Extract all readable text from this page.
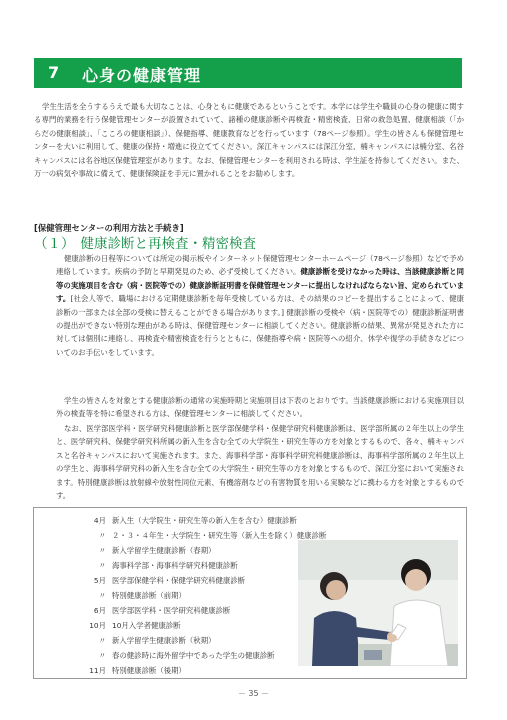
7 心身の健康管理
学生生活を全うするうえで最も大切なことは、心身ともに健康であるということです。本学には学生や職員の心身の健康に関する専門的業務を行う保健管理センターが設置されていて、諸種の健康診断や再検査・精密検査、日常の救急処置、健康相談（「からだの健康相談」、「こころの健康相談」）、保健指導、健康教育などを行っています（78ページ参照）。学生の皆さんも保健管理センターを大いに利用して、健康の保持・増進に役立ててください。深江キャンパスには深江分室、楠キャンパスには楠分室、名谷キャンパスには名谷地区保健管理室があります。なお、保健管理センターを利用される時は、学生証を持参してください。また、万一の病気や事故に備えて、健康保険証を手元に置かれることをお勧めします。
[保健管理センターの利用方法と手続き]
（１） 健康診断と再検査・精密検査
健康診断の日程等については所定の掲示板やインターネット保健管理センターホームページ（78ページ参照）などで予め連絡しています。疾病の予防と早期発見のため、必ず受検してください。健康診断を受けなかった時は、当該健康診断と同等の実施項目を含む（病・医院等での）健康診断証明書を保健管理センターに提出しなければならない旨、定められています。[社会人等で、職場における定期健康診断を毎年受検している方は、その結果のコピーを提出することによって、健康診断の一部または全部の受検に替えることができる場合があります。] 健康診断の受検や（病・医院等での）健康診断証明書の提出ができない特別な理由がある時は、保健管理センターに相談してください。健康診断の結果、異常が発見された方に対しては個別に連絡し、再検査や精密検査を行うとともに、保健指導や病・医院等への紹介、休学や復学の手続きなどについてのお手伝いをしています。
学生の皆さんを対象とする健康診断の通常の実施時期と実施項目は下表のとおりです。当該健康診断における実施項目以外の検査等を特に希望される方は、保健管理センターに相談してください。
なお、医学部医学科・医学研究科健康診断と医学部保健学科・保健学研究科健康診断は、医学部所属の２年生以上の学生と、医学研究科、保健学研究科所属の新入生を含む全ての大学院生・研究生等の方を対象とするもので、各々、楠キャンパスと名谷キャンパスにおいて実施されます。また、海事科学部・海事科学研究科健康診断は、海事科学部所属の２年生以上の学生と、海事科学研究科の新入生を含む全ての大学院生・研究生等の方を対象とするもので、深江分室において実施されます。特別健康診断は放射線や放射性同位元素、有機溶剤などの有害物質を用いる実験などに携わる方を対象とするものです。
4月 新入生（大学院生・研究生等の新入生を含む）健康診断
〃 ２・３・４年生・大学院生・研究生等（新入生を除く）健康診断
〃 新入学留学生健康診断（春期）
〃 海事科学部・海事科学研究科健康診断
5月 医学部保健学科・保健学研究科健康診断
〃 特別健康診断（前期）
6月 医学部医学科・医学研究科健康診断
10月 10月入学者健康診断
〃 新入学留学生健康診断（秋期）
〃 春の健診時に海外留学中であった学生の健康診断
11月 特別健康診断（後期）
－ 35 －
